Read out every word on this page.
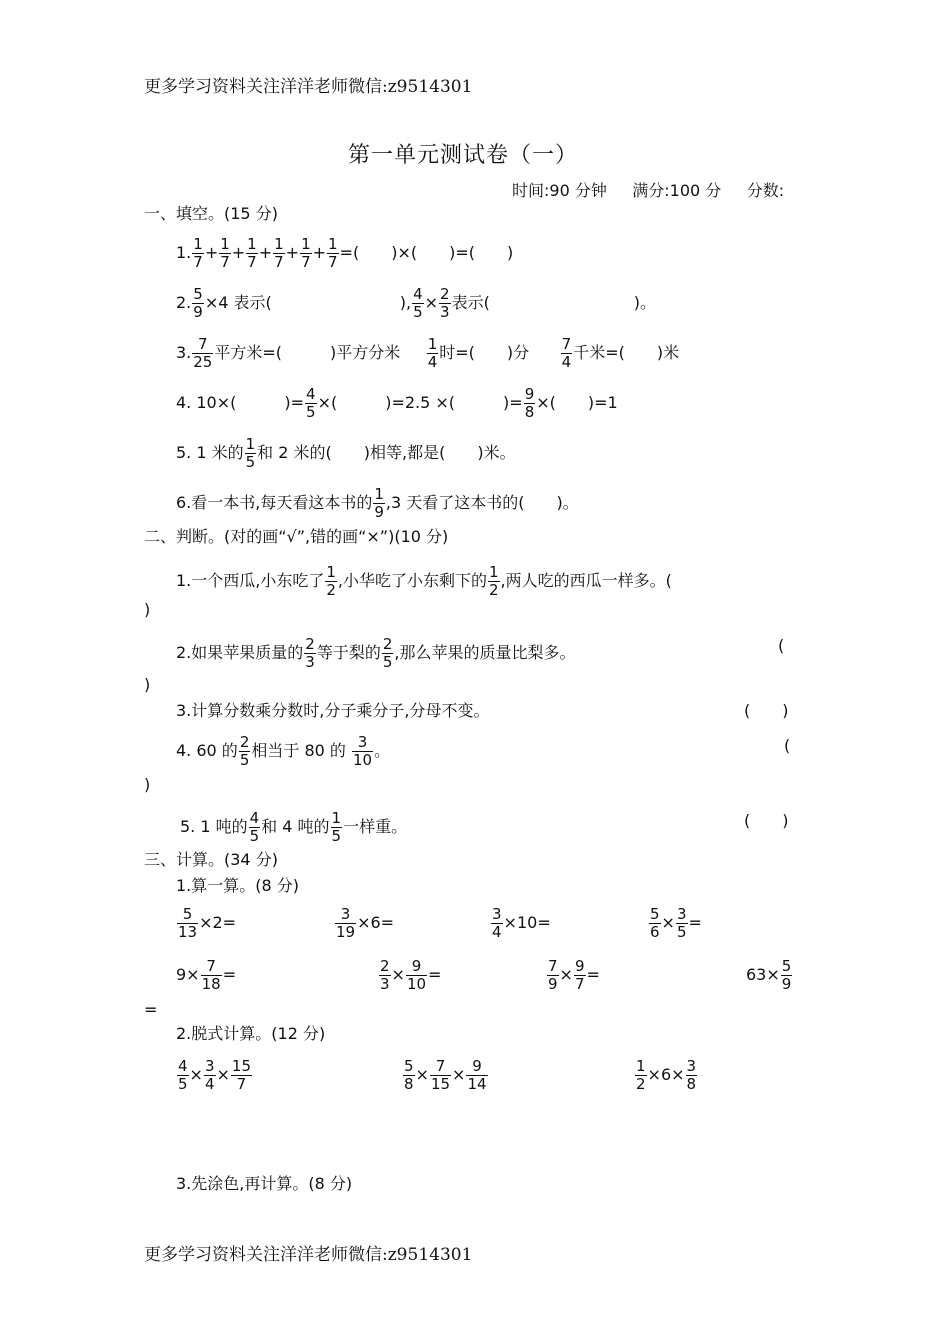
更多学习资料关注洋洋老师微信:z9514301
第一单元测试卷（一）
时间:90 分钟 满分:100 分 分数:
一、填空。(15 分)
1. $\frac{1}{7} + \frac{1}{7} + \frac{1}{7} + \frac{1}{7} + \frac{1}{7} + \frac{1}{7}$ =(　　)×(　　)=(　　)
2. $\frac{5}{9} \times 4$ 表示(　　　　　　　　), $\frac{4}{5} \times \frac{2}{3}$ 表示(　　　　　　　　　)。
3. $\frac{7}{25}$ 平方米=(　　　)平方分米 $\frac{1}{4}$ 时=(　　)分 $\frac{7}{4}$ 千米=(　　)米
4. 10×(　　　)= $\frac{4}{5}$ ×(　　　)=2.5 ×(　　　)= $\frac{9}{8}$ ×(　　)=1
5. 1 米的 $\frac{1}{5}$ 和 2 米的(　　)相等,都是(　　)米。
6.看一本书,每天看这本书的 $\frac{1}{9} ,3$ 天看了这本书的(　　)。
二、判断。(对的画“√”,错的画“×”)(10 分)
1.一个西瓜,小东吃了 $\frac{1}{2}$ ,小华吃了小东剩下的 $\frac{1}{2}$ ,两人吃的西瓜一样多。(
)
2.如果苹果质量的 $\frac{2}{3}$ 等于梨的 $\frac{2}{5}$ ,那么苹果的质量比梨多。	(
)
3.计算分数乘分数时,分子乘分子,分母不变。	(　　)
4. 60 的 $\frac{2}{5}$ 相当于 80 的 $\frac{3}{10}$ 。	(
)
5. 1 吨的 $\frac{4}{5}$ 和 4 吨的 $\frac{1}{5}$ 一样重。	(　　)
三、计算。(34 分)
1.算一算。(8 分)
$\frac{5}{13} \times 2=$	$\frac{3}{19} \times 6=$	$\frac{3}{4} \times 10=$	$\frac{5}{6} \times \frac{3}{5}$ =
$9\times \frac{7}{18}$ =	$\frac{2}{3} \times \frac{9}{10}$ =	$\frac{7}{9} \times \frac{9}{7}$ =	$63\times \frac{5}{9}$
=
2.脱式计算。(12 分)
$\frac{4}{5} \times \frac{3}{4} \times \frac{15}{7}$	$\frac{5}{8} \times \frac{7}{15} \times \frac{9}{14}$	$\frac{1}{2} \times 6\times \frac{3}{8}$
3.先涂色,再计算。(8 分)
更多学习资料关注洋洋老师微信:z9514301
